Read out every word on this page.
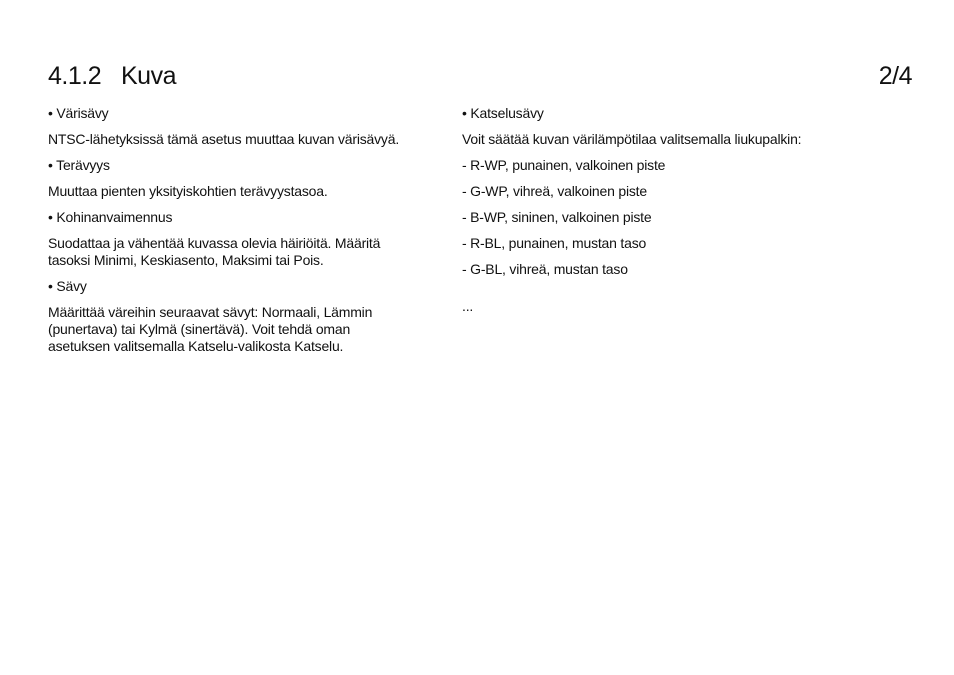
4.1.2 Kuva	2/4

• Värisävy

NTSC-lähetyksissä tämä asetus muuttaa kuvan värisävyä.

• Terävyys

Muuttaa pienten yksityiskohtien terävyystasoa.

• Kohinanvaimennus

Suodattaa ja vähentää kuvassa olevia häiriöitä. Määritä

tasoksi Minimi, Keskiasento, Maksimi tai Pois.

• Sävy

Määrittää väreihin seuraavat sävyt: Normaali, Lämmin

(punertava) tai Kylmä (sinertävä). Voit tehdä oman

asetuksen valitsemalla Katselu-valikosta Katselu.

• Katselusävy

Voit säätää kuvan värilämpötilaa valitsemalla liukupalkin:

- R-WP, punainen, valkoinen piste

- G-WP, vihreä, valkoinen piste

- B-WP, sininen, valkoinen piste

- R-BL, punainen, mustan taso

- G-BL, vihreä, mustan taso

...
